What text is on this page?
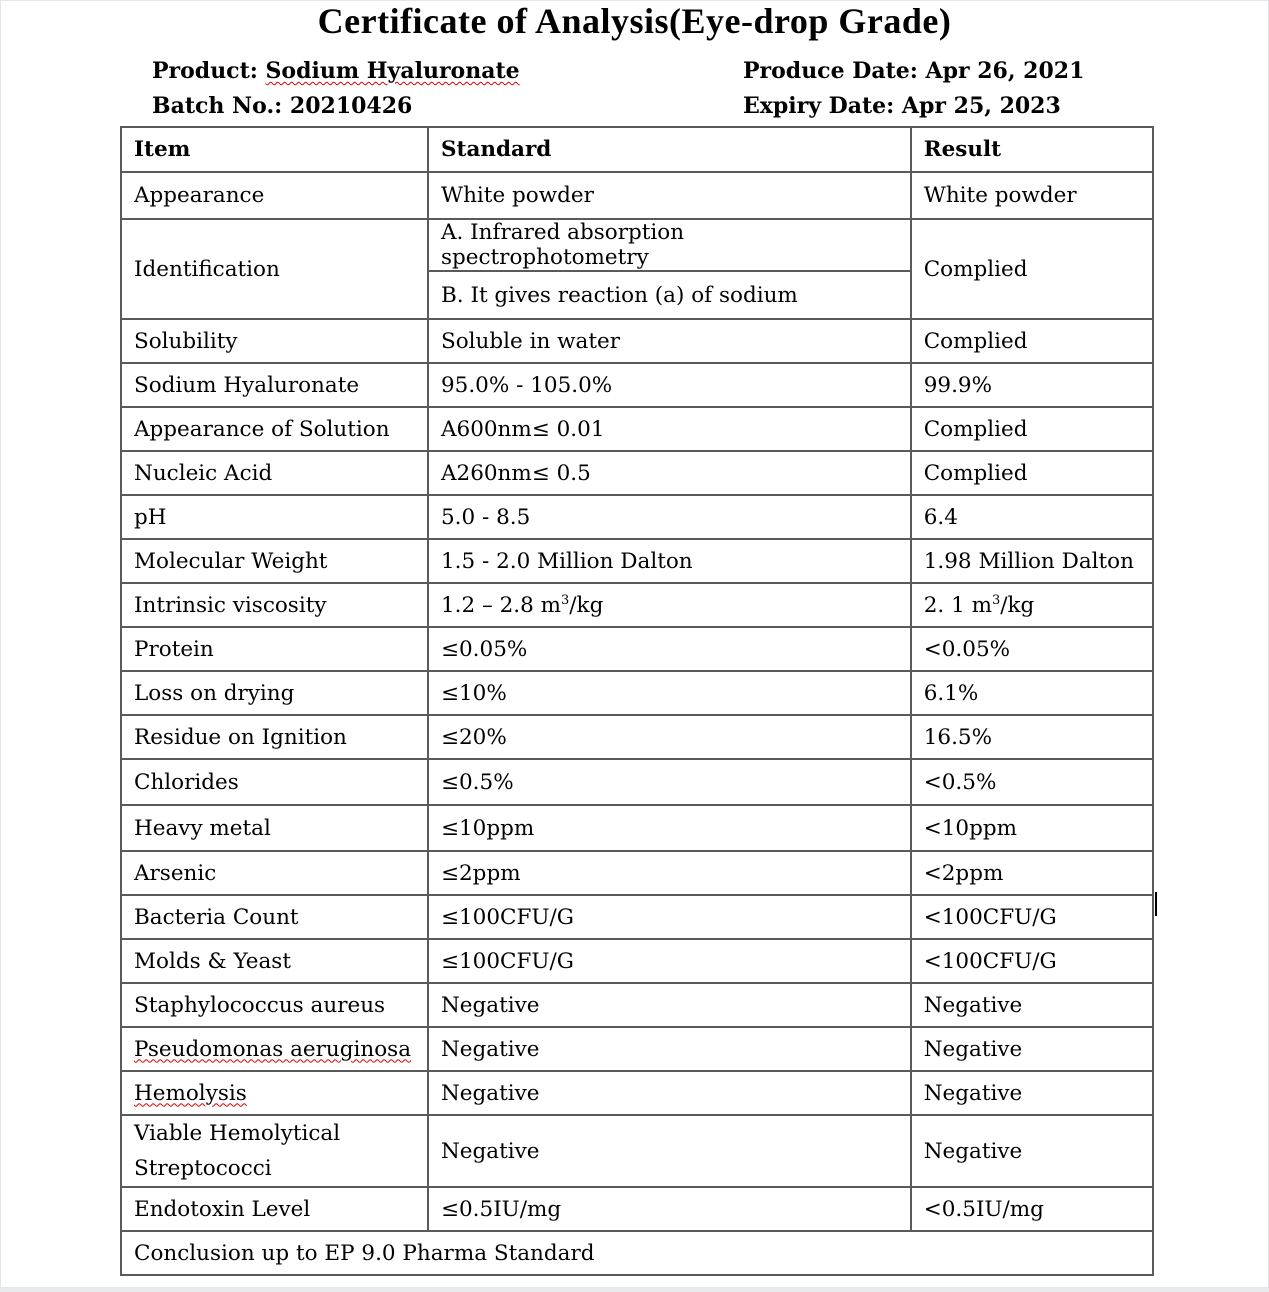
Certificate of Analysis(Eye-drop Grade)
Product: Sodium Hyaluronate
Batch No.: 20210426
Produce Date: Apr 26, 2021
Expiry Date: Apr 25, 2023
Item	Standard	Result
Appearance	White powder	White powder
Identification	A. Infrared absorption spectrophotometry	Complied
	B. It gives reaction (a) of sodium	
Solubility	Soluble in water	Complied
Sodium Hyaluronate	95.0% - 105.0%	99.9%
Appearance of Solution	A600nm≤ 0.01	Complied
Nucleic Acid	A260nm≤ 0.5	Complied
pH	5.0 - 8.5	6.4
Molecular Weight	1.5 - 2.0 Million Dalton	1.98 Million Dalton
Intrinsic viscosity	1.2 – 2.8 $m^3/kg$	2. 1 $m^3/kg$
Protein	≤0.05%	<0.05%
Loss on drying	≤10%	6.1%
Residue on Ignition	≤20%	16.5%
Chlorides	≤0.5%	<0.5%
Heavy metal	≤10ppm	<10ppm
Arsenic	≤2ppm	<2ppm
Bacteria Count	≤100CFU/G	<100CFU/G
Molds & Yeast	≤100CFU/G	<100CFU/G
Staphylococcus aureus	Negative	Negative
Pseudomonas aeruginosa	Negative	Negative
Hemolysis	Negative	Negative
Viable Hemolytical
Streptococci	Negative	Negative
Endotoxin Level	≤0.5IU/mg	<0.5IU/mg
Conclusion up to EP 9.0 Pharma Standard		
